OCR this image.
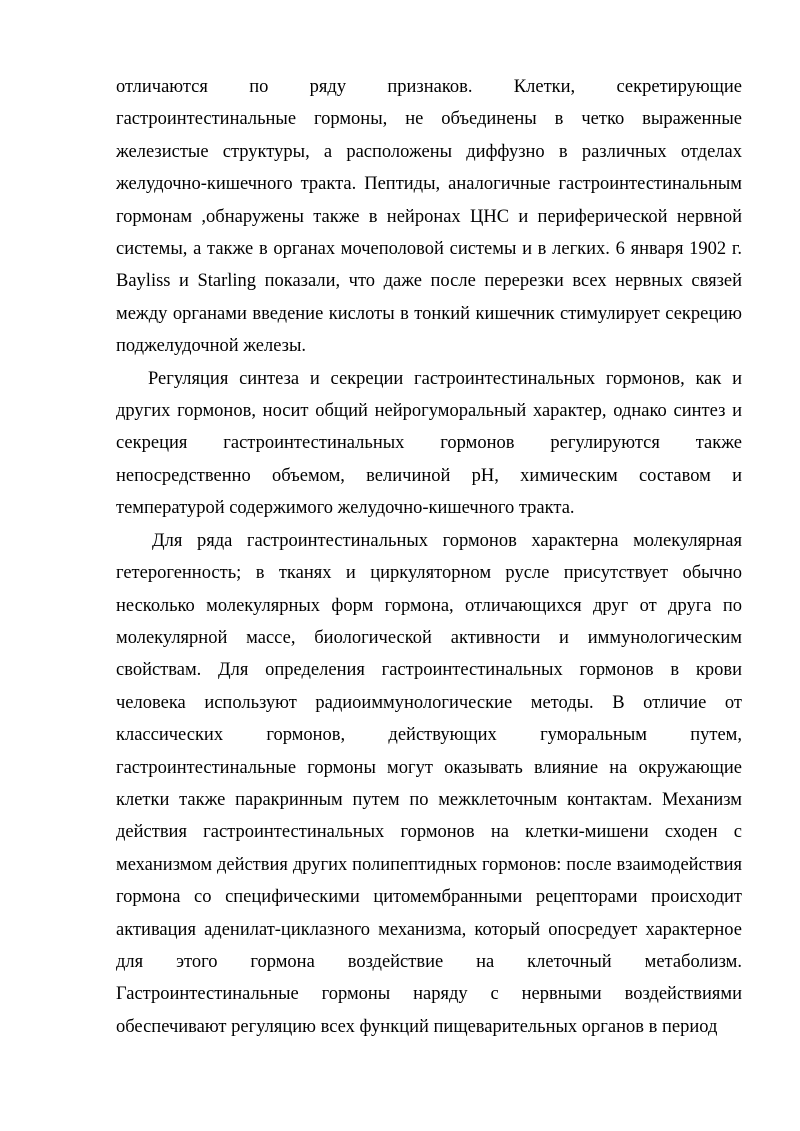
отличаются по ряду признаков. Клетки, секретирующие гастроинтестинальные гормоны, не объединены в четко выраженные железистые структуры, а расположены диффузно в различных отделах желудочно-кишечного тракта. Пептиды, аналогичные гастроинтестинальным гормонам ,обнаружены также в нейронах ЦНС и периферической нервной системы, а также в органах мочеполовой системы и в легких. 6 января 1902 г. Bayliss и Starling показали, что даже после перерезки всех нервных связей между органами введение кислоты в тонкий кишечник стимулирует секрецию поджелудочной железы.

Регуляция синтеза и секреции гастроинтестинальных гормонов, как и других гормонов, носит общий нейрогуморальный характер, однако синтез и секреция гастроинтестинальных гормонов регулируются также непосредственно объемом, величиной рН, химическим составом и температурой содержимого желудочно-кишечного тракта.

Для ряда гастроинтестинальных гормонов характерна молекулярная гетерогенность; в тканях и циркуляторном русле присутствует обычно несколько молекулярных форм гормона, отличающихся друг от друга по молекулярной массе, биологической активности и иммунологическим свойствам. Для определения гастроинтестинальных гормонов в крови человека используют радиоиммунологические методы. В отличие от классических гормонов, действующих гуморальным путем, гастроинтестинальные гормоны могут оказывать влияние на окружающие клетки также паракринным путем по межклеточным контактам. Механизм действия гастроинтестинальных гормонов на клетки-мишени сходен с механизмом действия других полипептидных гормонов: после взаимодействия гормона со специфическими цитомембранными рецепторами происходит активация аденилат-циклазного механизма, который опосредует характерное для этого гормона воздействие на клеточный метаболизм. Гастроинтестинальные гормоны наряду с нервными воздействиями обеспечивают регуляцию всех функций пищеварительных органов в период
